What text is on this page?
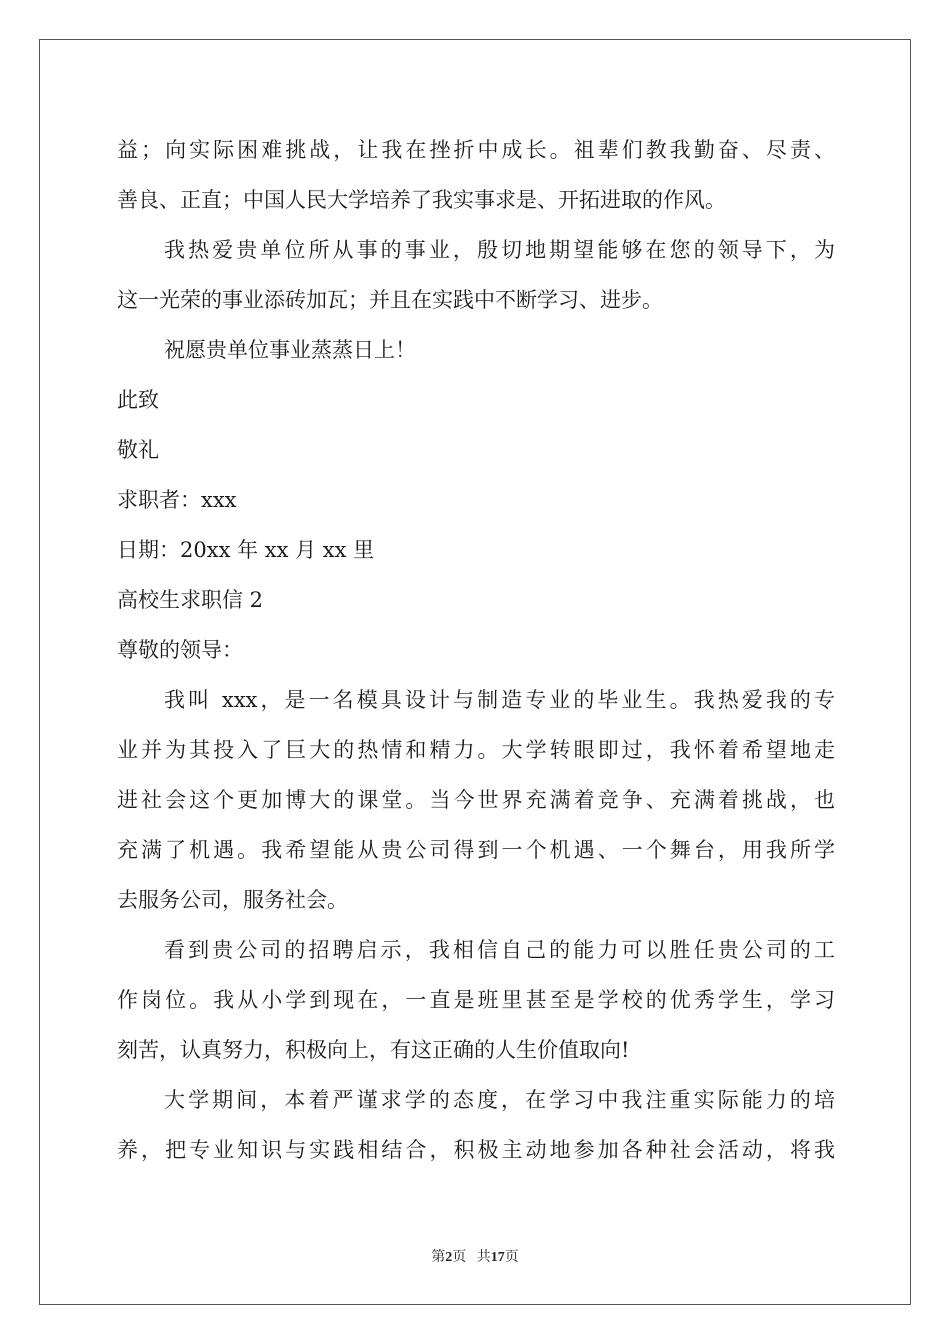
益；向实际困难挑战，让我在挫折中成长。祖辈们教我勤奋、尽责、
善良、正直；中国人民大学培养了我实事求是、开拓进取的作风。
我热爱贵单位所从事的事业，殷切地期望能够在您的领导下，为
这一光荣的事业添砖加瓦；并且在实践中不断学习、进步。
祝愿贵单位事业蒸蒸日上！
此致
敬礼
求职者：xxx
日期：20xx 年 xx 月 xx 里
高校生求职信 2
尊敬的领导：
我叫 xxx，是一名模具设计与制造专业的毕业生。我热爱我的专
业并为其投入了巨大的热情和精力。大学转眼即过，我怀着希望地走
进社会这个更加博大的课堂。当今世界充满着竞争、充满着挑战，也
充满了机遇。我希望能从贵公司得到一个机遇、一个舞台，用我所学
去服务公司，服务社会。
看到贵公司的招聘启示，我相信自己的能力可以胜任贵公司的工
作岗位。我从小学到现在，一直是班里甚至是学校的优秀学生，学习
刻苦，认真努力，积极向上，有这正确的人生价值取向!
大学期间，本着严谨求学的态度，在学习中我注重实际能力的培
养，把专业知识与实践相结合，积极主动地参加各种社会活动，将我
第2页 共17页
